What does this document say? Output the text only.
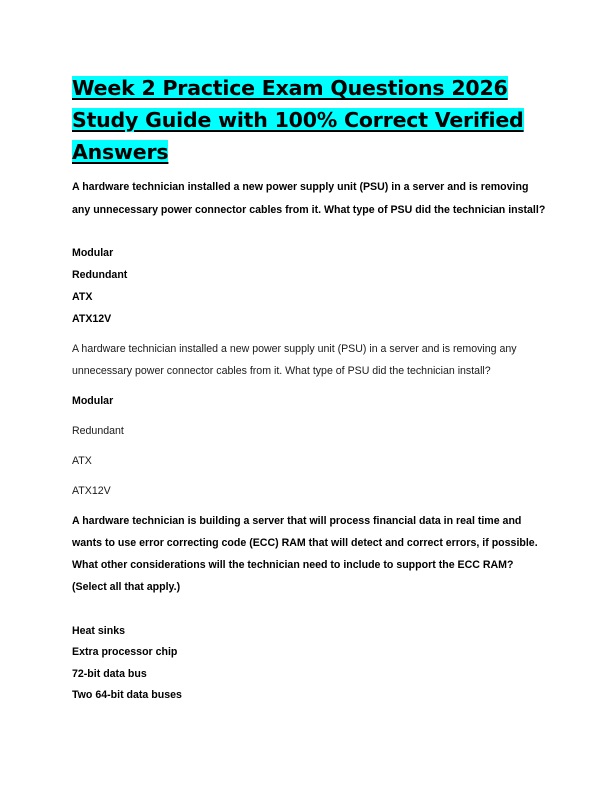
Week 2 Practice Exam Questions 2026 Study Guide with 100% Correct Verified Answers

A hardware technician installed a new power supply unit (PSU) in a server and is removing

any unnecessary power connector cables from it. What type of PSU did the technician install?

Modular

Redundant

ATX

ATX12V

A hardware technician installed a new power supply unit (PSU) in a server and is removing any

unnecessary power connector cables from it. What type of PSU did the technician install?

Modular

Redundant

ATX

ATX12V

A hardware technician is building a server that will process financial data in real time and

wants to use error correcting code (ECC) RAM that will detect and correct errors, if possible.

What other considerations will the technician need to include to support the ECC RAM?

(Select all that apply.)

Heat sinks

Extra processor chip

72-bit data bus

Two 64-bit data buses
